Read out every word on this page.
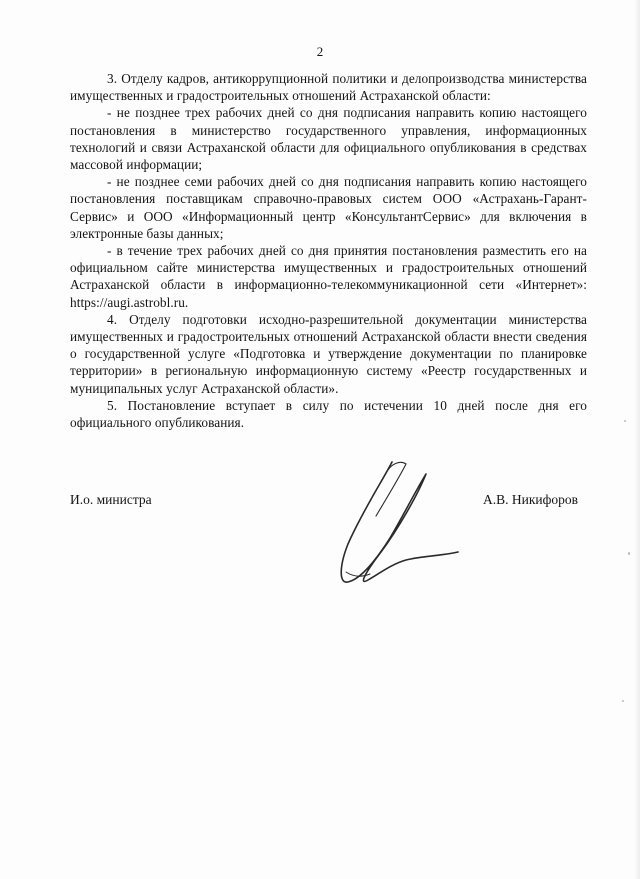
2

3. Отделу кадров, антикоррупционной политики и делопроизводства министерства имущественных и градостроительных отношений Астраханской области:

- не позднее трех рабочих дней со дня подписания направить копию настоящего постановления в министерство государственного управления, информационных технологий и связи Астраханской области для официального опубликования в средствах массовой информации;

- не позднее семи рабочих дней со дня подписания направить копию настоящего постановления поставщикам справочно-правовых систем ООО «Астрахань-Гарант-Сервис» и ООО «Информационный центр «КонсультантСервис» для включения в электронные базы данных;

- в течение трех рабочих дней со дня принятия постановления разместить его на официальном сайте министерства имущественных и градостроительных отношений Астраханской области в информационно-телекоммуникационной сети «Интернет»: https://augi.astrobl.ru.

4. Отделу подготовки исходно-разрешительной документации министерства имущественных и градостроительных отношений Астраханской области внести сведения о государственной услуге «Подготовка и утверждение документации по планировке территории» в региональную информационную систему «Реестр государственных и муниципальных услуг Астраханской области».

5. Постановление вступает в силу по истечении 10 дней после дня его официального опубликования.

И.о. министра	А.В. Никифоров
